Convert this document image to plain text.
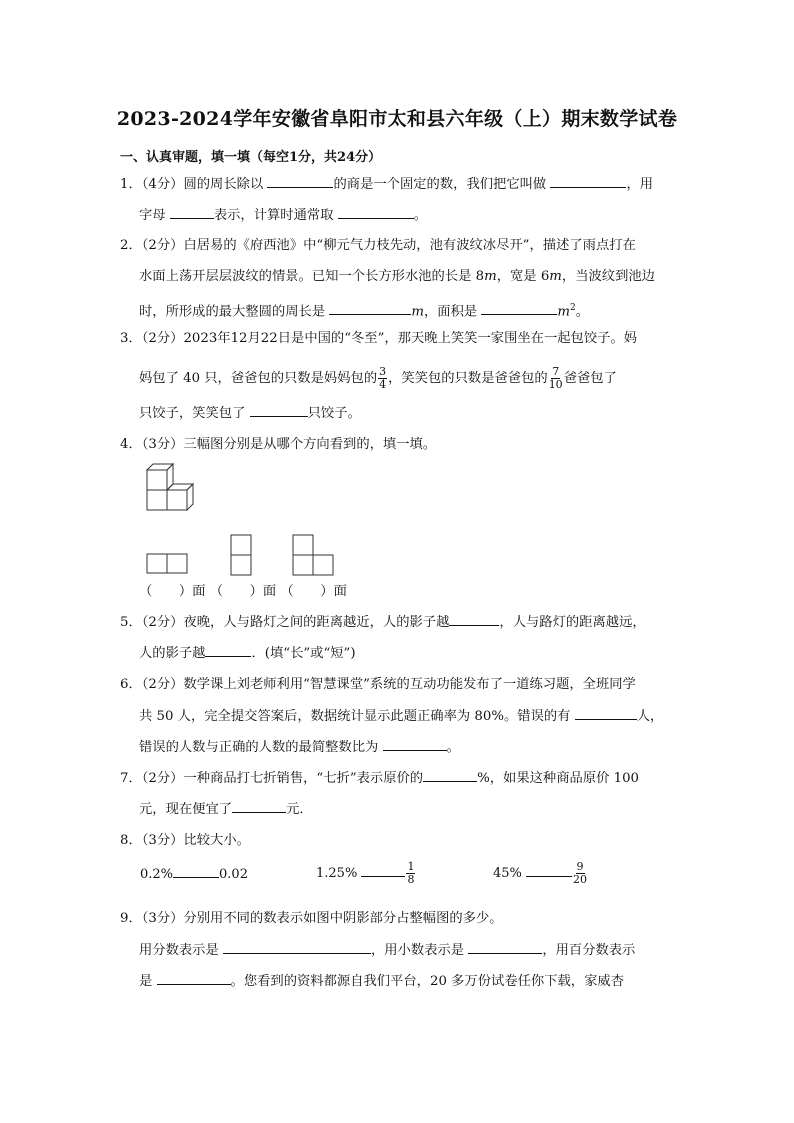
2023-2024学年安徽省阜阳市太和县六年级（上）期末数学试卷
一、认真审题，填一填（每空1分，共24分）
1．（4分）圆的周长除以	的商是一个固定的数，我们把它叫做	，用
字母	表示，计算时通常取	。
2．（2分）白居易的《府西池》中“柳元气力枝先动，池有波纹冰尽开”，描述了雨点打在
水面上荡开层层波纹的情景。已知一个长方形水池的长是 8m，宽是 6m，当波纹到池边
时，所形成的最大整圆的周长是	m，面积是	$m^2$。
3．（2分）2023年12月22日是中国的“冬至”，那天晚上笑笑一家围坐在一起包饺子。妈
妈包了 40 只，爸爸包的只数是妈妈包的 $\frac{3}{4}$ ，笑笑包的只数是爸爸包的 $\frac{7}{10}$ 爸爸包了
只饺子，笑笑包了	只饺子。
4．（3分）三幅图分别是从哪个方向看到的，填一填。
（　　）面 （　　）面 （　　）面
5．（2分）夜晚，人与路灯之间的距离越近，人的影子越	，人与路灯的距离越远，
人的影子越	．(填“长”或“短”)
6．（2分）数学课上刘老师利用“智慧课堂”系统的互动功能发布了一道练习题，全班同学
共 50 人，完全提交答案后，数据统计显示此题正确率为 80%。错误的有	人，
错误的人数与正确的人数的最简整数比为	。
7．（2分）一种商品打七折销售，“七折”表示原价的	%，如果这种商品原价 100
元，现在便宜了	元．
8．（3分）比较大小。
0.2%	0.02	1.25%	$\frac{1}{8}$	45%	$\frac{9}{20}$
9．（3分）分别用不同的数表示如图中阴影部分占整幅图的多少。
用分数表示是	，用小数表示是	，用百分数表示
是	。您看到的资料都源自我们平台，20 多万份试卷任你下载，家威杏
